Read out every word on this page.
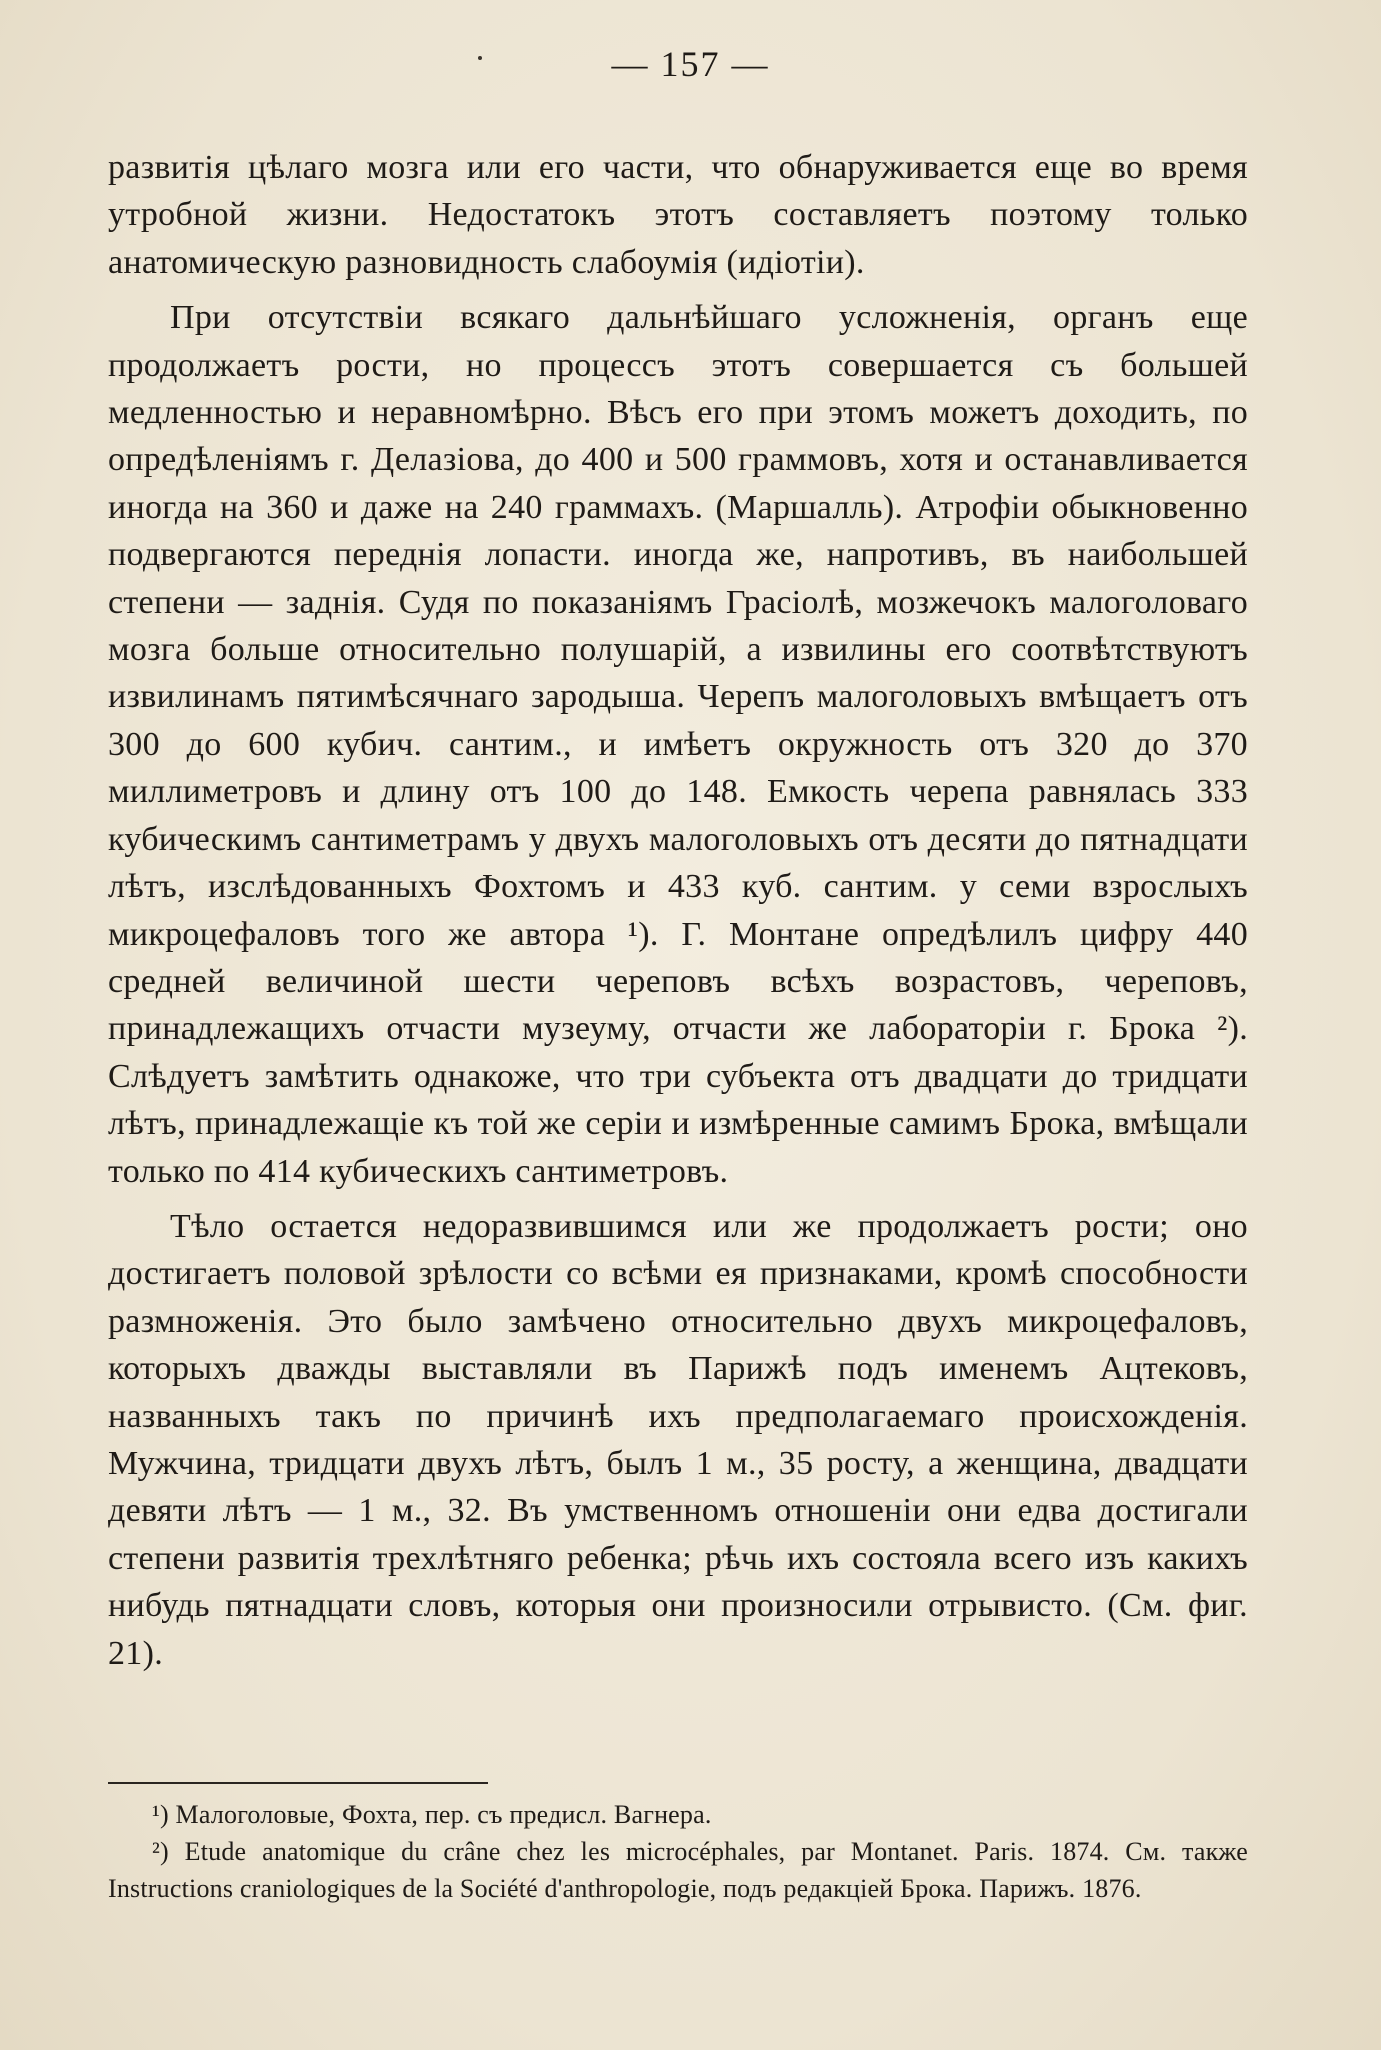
— 157 —

развитія цѣлаго мозга или его части, что обнаруживается еще во время утробной жизни. Недостатокъ этотъ составляетъ поэтому только анатомическую разновидность слабоумія (идіотіи).

При отсутствіи всякаго дальнѣйшаго усложненія, органъ еще продолжаетъ рости, но процессъ этотъ совершается съ большей медленностью и неравномѣрно. Вѣсъ его при этомъ можетъ доходить, по опредѣленіямъ г. Делазіова, до 400 и 500 граммовъ, хотя и останавливается иногда на 360 и даже на 240 граммахъ. (Маршалль). Атрофіи обыкновенно подвергаются переднія лопасти. иногда же, напротивъ, въ наибольшей степени — заднія. Судя по показаніямъ Грасіолѣ, мозжечокъ малоголоваго мозга больше относительно полушарій, а извилины его соотвѣтствуютъ извилинамъ пятимѣсячнаго зародыша. Черепъ малоголовыхъ вмѣщаетъ отъ 300 до 600 кубич. сантим., и имѣетъ окружность отъ 320 до 370 миллиметровъ и длину отъ 100 до 148. Емкость черепа равнялась 333 кубическимъ сантиметрамъ у двухъ малоголовыхъ отъ десяти до пятнадцати лѣтъ, изслѣдованныхъ Фохтомъ и 433 куб. сантим. у семи взрослыхъ микроцефаловъ того же автора ¹). Г. Монтане опредѣлилъ цифру 440 средней величиной шести череповъ всѣхъ возрастовъ, череповъ, принадлежащихъ отчасти музеуму, отчасти же лабораторіи г. Брока ²). Слѣдуетъ замѣтить однакоже, что три субъекта отъ двадцати до тридцати лѣтъ, принадлежащіе къ той же серіи и измѣренные самимъ Брока, вмѣщали только по 414 кубическихъ сантиметровъ.

Тѣло остается недоразвившимся или же продолжаетъ рости; оно достигаетъ половой зрѣлости со всѣми ея признаками, кромѣ способности размноженія. Это было замѣчено относительно двухъ микроцефаловъ, которыхъ дважды выставляли въ Парижѣ подъ именемъ Ацтековъ, названныхъ такъ по причинѣ ихъ предполагаемаго происхожденія. Мужчина, тридцати двухъ лѣтъ, былъ 1 м., 35 росту, а женщина, двадцати девяти лѣтъ — 1 м., 32. Въ умственномъ отношеніи они едва достигали степени развитія трехлѣтняго ребенка; рѣчь ихъ состояла всего изъ какихъ нибудь пятнадцати словъ, которыя они произносили отрывисто. (См. фиг. 21).

¹) Малоголовые, Фохта, пер. съ предисл. Вагнера.

²) Etude anatomique du crâne chez les microcéphales, par Montanet. Paris. 1874. См. также Instructions craniologiques de la Société d'anthropologie, подъ редакціей Брока. Парижъ. 1876.
